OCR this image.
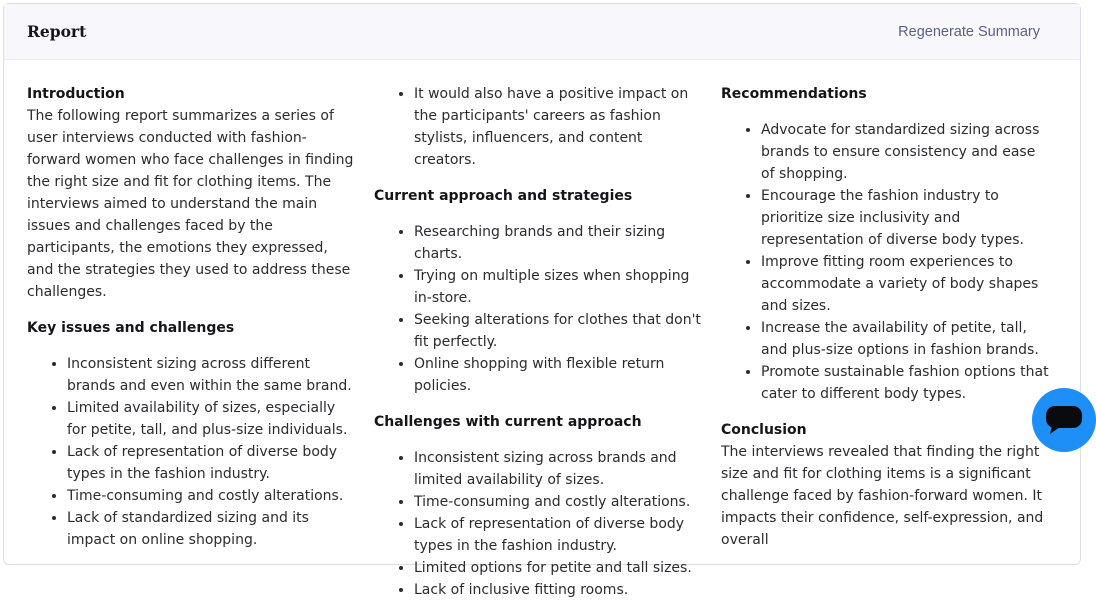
Report	Regenerate Summary
Introduction

The following report summarizes a series of user interviews conducted with fashion-forward women who face challenges in finding the right size and fit for clothing items. The interviews aimed to understand the main issues and challenges faced by the participants, the emotions they expressed, and the strategies they used to address these challenges.

Key issues and challenges
• Inconsistent sizing across different brands and even within the same brand.
• Limited availability of sizes, especially for petite, tall, and plus-size individuals.
• Lack of representation of diverse body types in the fashion industry.
• Time-consuming and costly alterations.
• Lack of standardized sizing and its impact on online shopping.
• It would also have a positive impact on the participants' careers as fashion stylists, influencers, and content creators.
Current approach and strategies
• Researching brands and their sizing charts.
• Trying on multiple sizes when shopping in-store.
• Seeking alterations for clothes that don't fit perfectly.
• Online shopping with flexible return policies.
Challenges with current approach
• Inconsistent sizing across brands and limited availability of sizes.
• Time-consuming and costly alterations.
• Lack of representation of diverse body types in the fashion industry.
• Limited options for petite and tall sizes.
• Lack of inclusive fitting rooms.
Recommendations
• Advocate for standardized sizing across brands to ensure consistency and ease of shopping.
• Encourage the fashion industry to prioritize size inclusivity and representation of diverse body types.
• Improve fitting room experiences to accommodate a variety of body shapes and sizes.
• Increase the availability of petite, tall, and plus-size options in fashion brands.
• Promote sustainable fashion options that cater to different body types.
Conclusion

The interviews revealed that finding the right size and fit for clothing items is a significant challenge faced by fashion-forward women. It impacts their confidence, self-expression, and overall
